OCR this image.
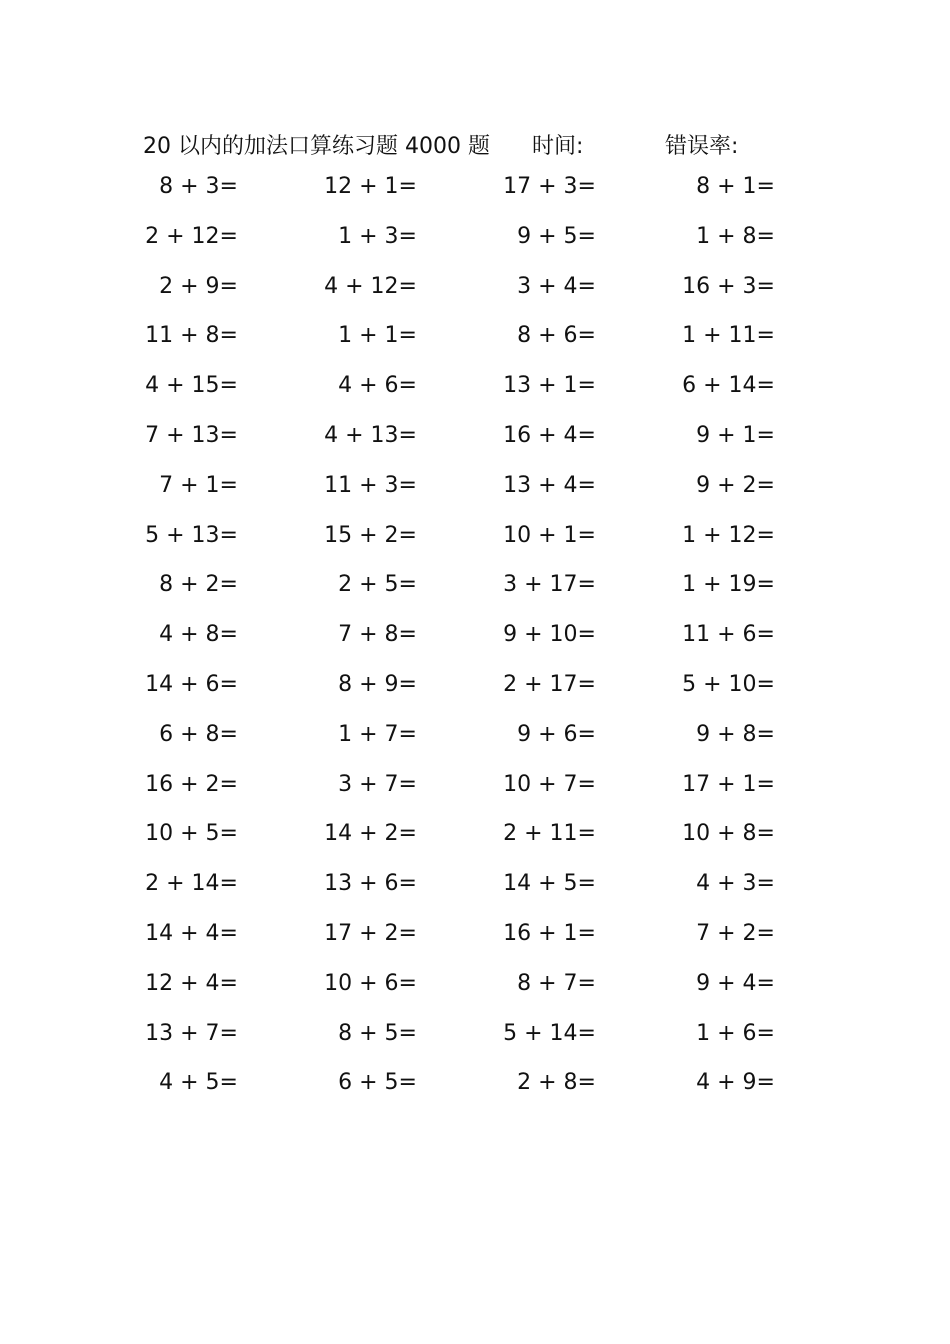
20 以内的加法口算练习题 4000 题 时间:	错误率:
8 + 3=	12 + 1=	17 + 3=	8 + 1=
2 + 12=	1 + 3=	9 + 5=	1 + 8=
2 + 9=	4 + 12=	3 + 4=	16 + 3=
11 + 8=	1 + 1=	8 + 6=	1 + 11=
4 + 15=	4 + 6=	13 + 1=	6 + 14=
7 + 13=	4 + 13=	16 + 4=	9 + 1=
7 + 1=	11 + 3=	13 + 4=	9 + 2=
5 + 13=	15 + 2=	10 + 1=	1 + 12=
8 + 2=	2 + 5=	3 + 17=	1 + 19=
4 + 8=	7 + 8=	9 + 10=	11 + 6=
14 + 6=	8 + 9=	2 + 17=	5 + 10=
6 + 8=	1 + 7=	9 + 6=	9 + 8=
16 + 2=	3 + 7=	10 + 7=	17 + 1=
10 + 5=	14 + 2=	2 + 11=	10 + 8=
2 + 14=	13 + 6=	14 + 5=	4 + 3=
14 + 4=	17 + 2=	16 + 1=	7 + 2=
12 + 4=	10 + 6=	8 + 7=	9 + 4=
13 + 7=	8 + 5=	5 + 14=	1 + 6=
4 + 5=	6 + 5=	2 + 8=	4 + 9=
